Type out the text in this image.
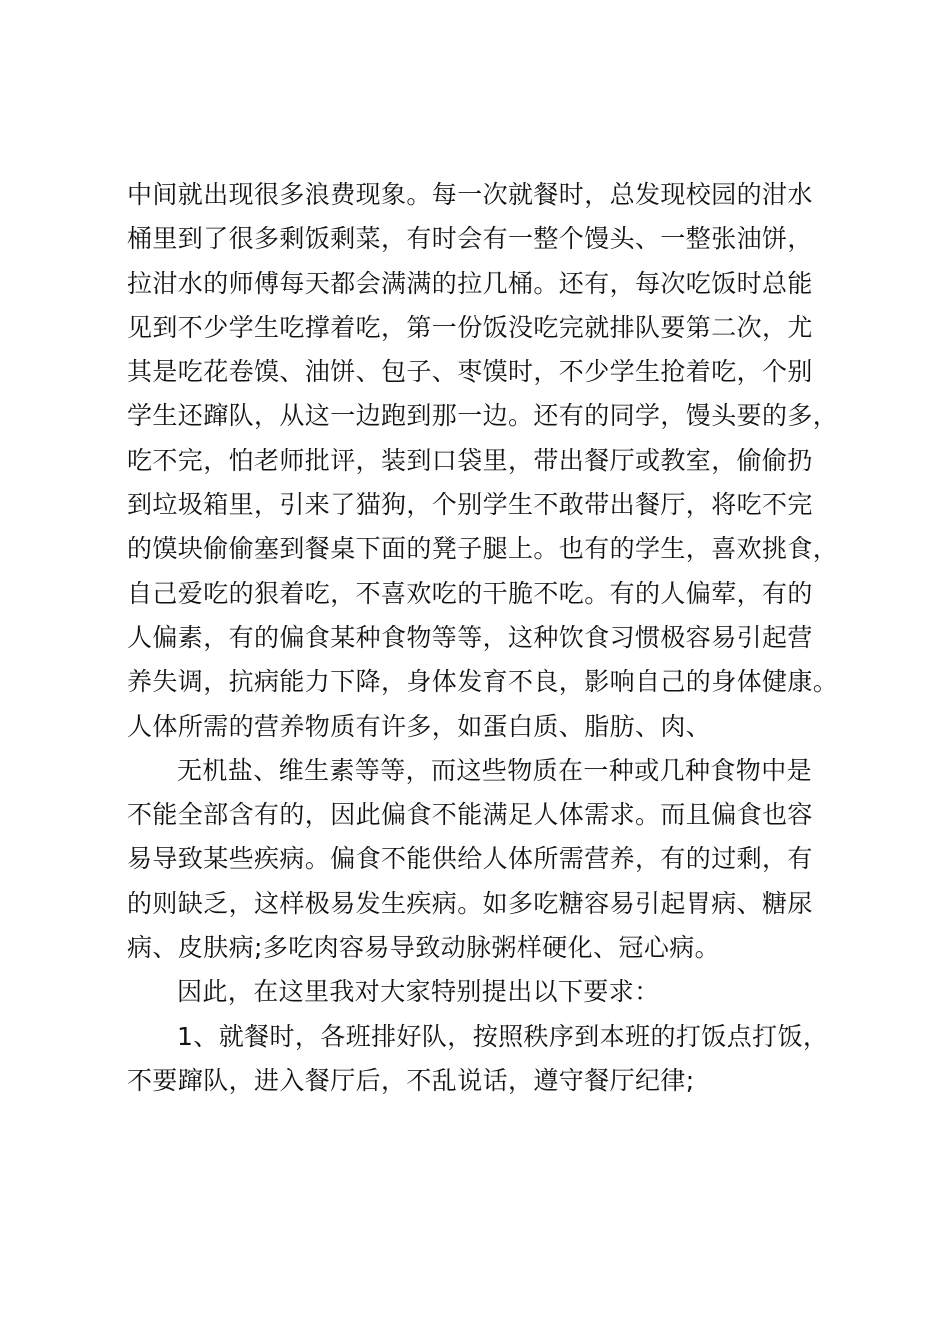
中间就出现很多浪费现象。每一次就餐时，总发现校园的泔水
桶里到了很多剩饭剩菜，有时会有一整个馒头、一整张油饼，
拉泔水的师傅每天都会满满的拉几桶。还有，每次吃饭时总能
见到不少学生吃撑着吃，第一份饭没吃完就排队要第二次，尤
其是吃花卷馍、油饼、包子、枣馍时，不少学生抢着吃，个别
学生还蹿队，从这一边跑到那一边。还有的同学，馒头要的多，
吃不完，怕老师批评，装到口袋里，带出餐厅或教室，偷偷扔
到垃圾箱里，引来了猫狗，个别学生不敢带出餐厅，将吃不完
的馍块偷偷塞到餐桌下面的凳子腿上。也有的学生，喜欢挑食，
自己爱吃的狠着吃，不喜欢吃的干脆不吃。有的人偏荤，有的
人偏素，有的偏食某种食物等等，这种饮食习惯极容易引起营
养失调，抗病能力下降，身体发育不良，影响自己的身体健康。
人体所需的营养物质有许多，如蛋白质、脂肪、肉、
无机盐、维生素等等，而这些物质在一种或几种食物中是
不能全部含有的，因此偏食不能满足人体需求。而且偏食也容
易导致某些疾病。偏食不能供给人体所需营养，有的过剩，有
的则缺乏，这样极易发生疾病。如多吃糖容易引起胃病、糖尿
病、皮肤病;多吃肉容易导致动脉粥样硬化、冠心病。
因此，在这里我对大家特别提出以下要求：
1、就餐时，各班排好队，按照秩序到本班的打饭点打饭，
不要蹿队，进入餐厅后，不乱说话，遵守餐厅纪律;
